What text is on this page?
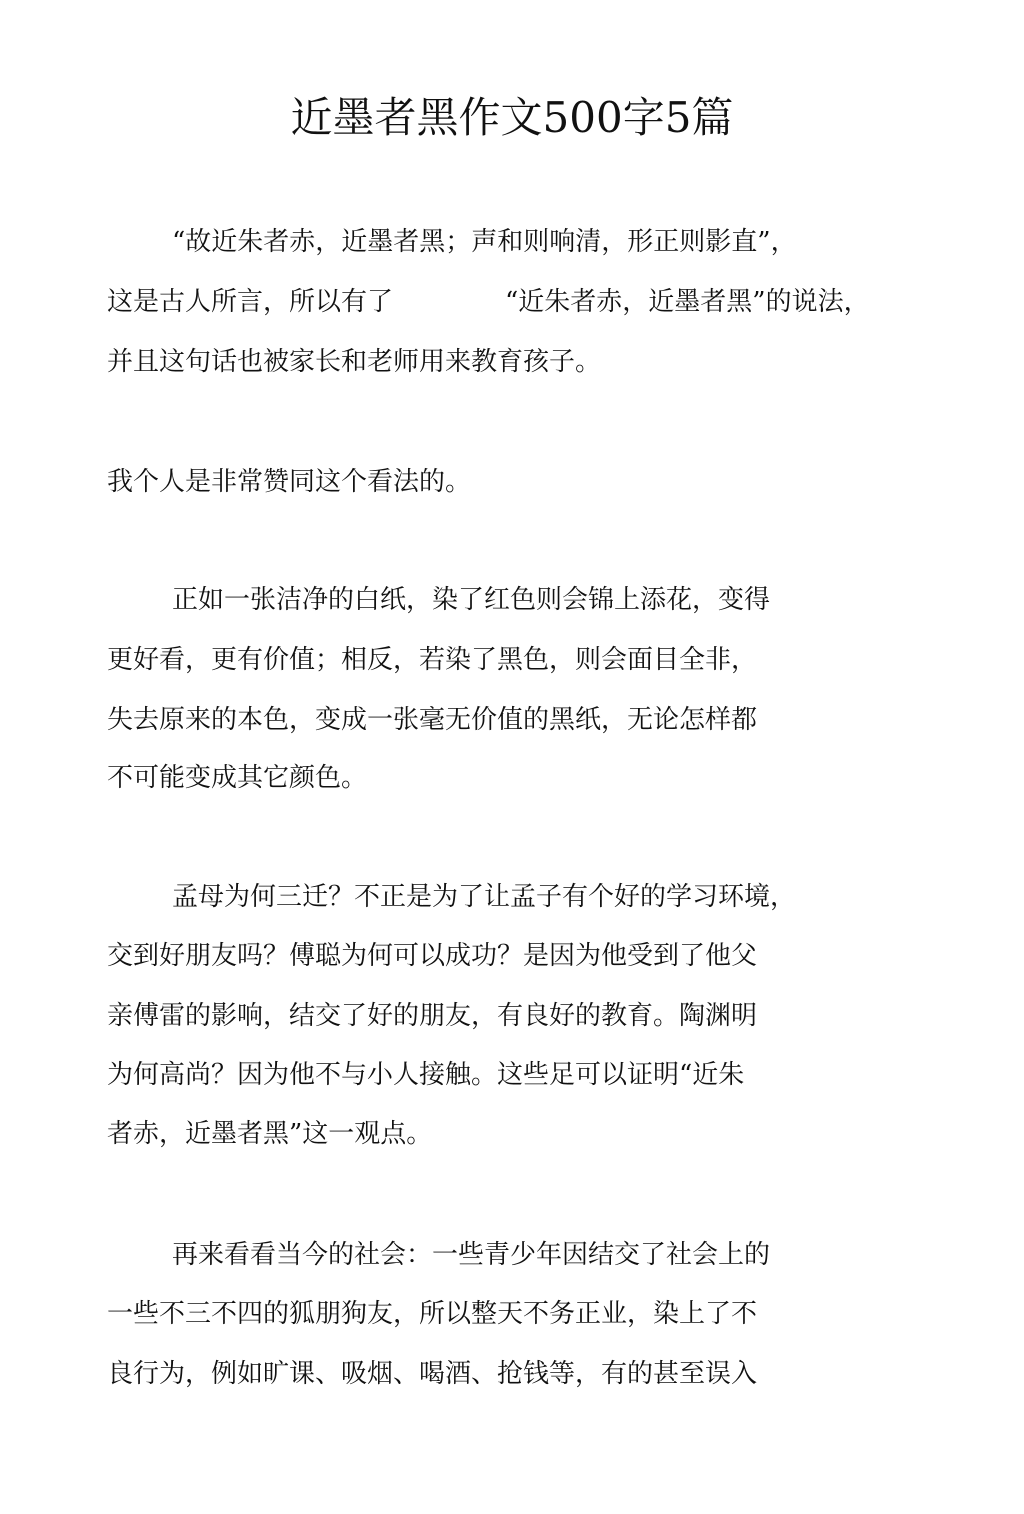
近墨者黑作文500字5篇
“故近朱者赤，近墨者黑；声和则响清，形正则影直”，
这是古人所言，所以有了	“近朱者赤，近墨者黑”的说法，
并且这句话也被家长和老师用来教育孩子。
我个人是非常赞同这个看法的。
正如一张洁净的白纸，染了红色则会锦上添花，变得
更好看，更有价值；相反，若染了黑色，则会面目全非，
失去原来的本色，变成一张毫无价值的黑纸，无论怎样都
不可能变成其它颜色。
孟母为何三迁？不正是为了让孟子有个好的学习环境，
交到好朋友吗？傅聪为何可以成功？是因为他受到了他父
亲傅雷的影响，结交了好的朋友，有良好的教育。陶渊明
为何高尚？因为他不与小人接触。这些足可以证明“近朱
者赤，近墨者黑”这一观点。
再来看看当今的社会：一些青少年因结交了社会上的
一些不三不四的狐朋狗友，所以整天不务正业，染上了不
良行为，例如旷课、吸烟、喝酒、抢钱等，有的甚至误入
